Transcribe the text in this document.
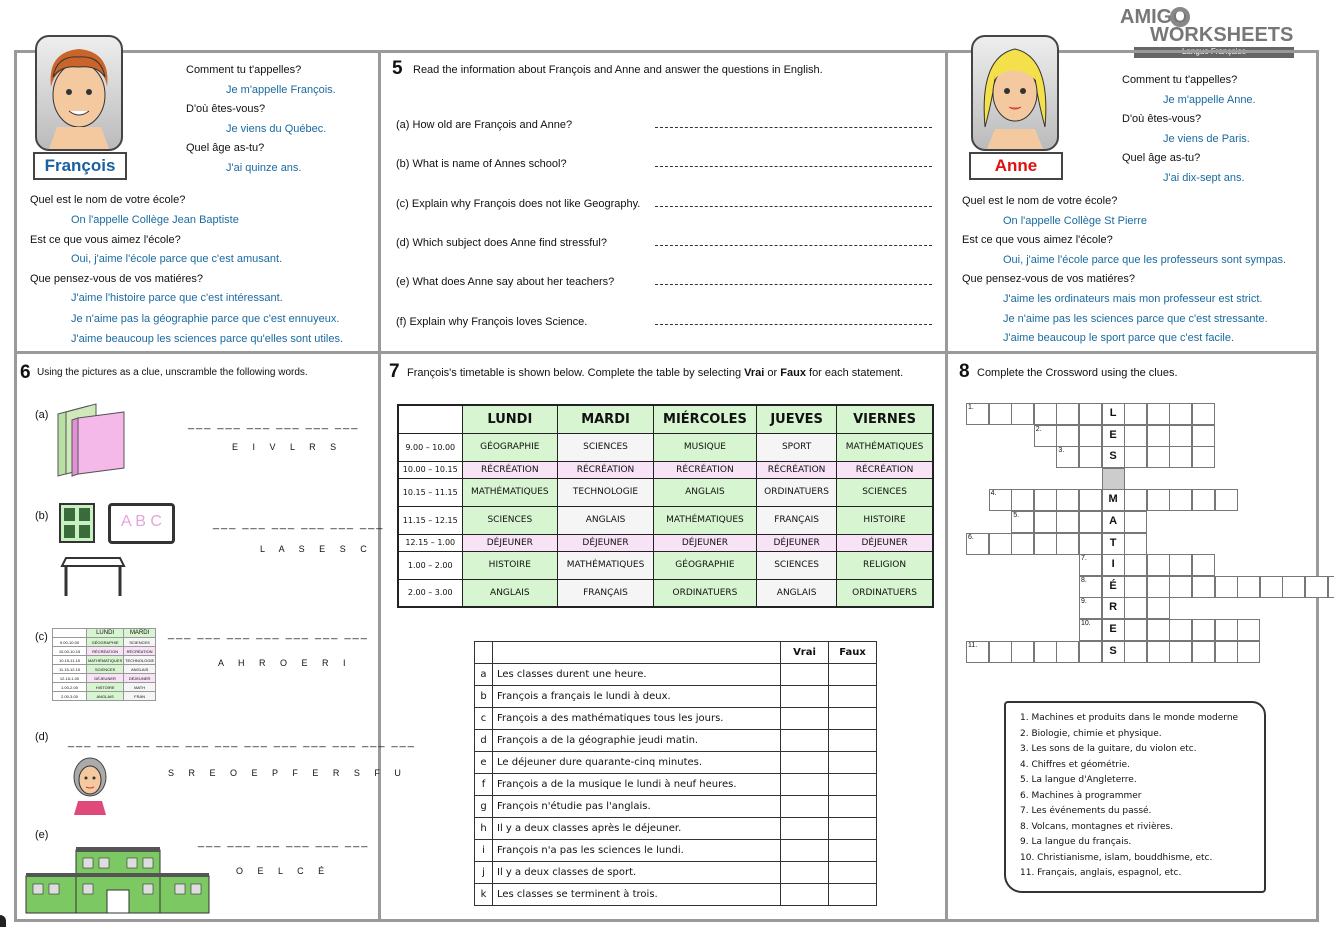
AMIGO
WORKSHEETS
Langue Française
François
Comment tu t'appelles?
Je m'appelle François.
D'où êtes-vous?
Je viens du Québec.
Quel âge as-tu?
J'ai quinze ans.
Quel est le nom de votre école?
On l'appelle Collège Jean Baptiste
Est ce que vous aimez l'école?
Oui, j'aime l'école parce que c'est amusant.
Que pensez-vous de vos matiéres?
J'aime l'histoire parce que c'est intéressant.
Je n'aime pas la géographie parce que c'est ennuyeux.
J'aime beaucoup les sciences parce qu'elles sont utiles.
5 Read the information about François and Anne and answer the questions in English.
(a) How old are François and Anne?
(b) What is name of Annes school?
(c) Explain why François does not like Geography.
(d) Which subject does Anne find stressful?
(e) What does Anne say about her teachers?
(f) Explain why François loves Science.
Anne
Comment tu t'appelles?
Je m'appelle Anne.
D'où êtes-vous?
Je viens de Paris.
Quel âge as-tu?
J'ai dix-sept ans.
Quel est le nom de votre école?
On l'appelle Collège St Pierre
Est ce que vous aimez l'école?
Oui, j'aime l'école parce que les professeurs sont sympas.
Que pensez-vous de vos matiéres?
J'aime les ordinateurs mais mon professeur est strict.
Je n'aime pas les sciences parce que c'est stressante.
J'aime beaucoup le sport parce que c'est facile.
6 Using the pictures as a clue, unscramble the following words.
(a)
___ ___ ___ ___ ___ ___
E I V L R S
(b)	A B C	___ ___ ___ ___ ___ ___
L A S E S C
(c)
		LUNDI	MARDI
9.00-10.00	GÉOGRAPHIE	SCIENCES
10.00-10.15	RÉCRÉATION	RÉCRÉATION
10.15-11.15	MATHÉMATIQUES	TECHNOLOGIE
11.15-12.15	SCIENCES	ANGLAIS
12.15-1.00	DÉJEUNER	DÉJEUNER
1.00-2.00	HISTOIRE	MATH
2.00-3.00	ANGLAIS	FRAN
___ ___ ___ ___ ___ ___ ___
A H R O E R I
(d) ___ ___ ___ ___ ___ ___ ___ ___ ___ ___ ___ ___
S R E O E P F E R S F U
(e)
___ ___ ___ ___ ___ ___
O E L C É
7 François's timetable is shown below. Complete the table by selecting Vrai or Faux for each statement.
	LUNDI	MARDI	MIÉRCOLES	JUEVES	VIERNES
9.00 – 10.00	GÉOGRAPHIE	SCIENCES	MUSIQUE	SPORT	MATHÉMATIQUES
10.00 – 10.15	RÉCRÉATION	RÉCRÉATION	RÉCRÉATION	RÉCRÉATION	RÉCRÉATION
10.15 – 11.15	MATHÉMATIQUES	TECHNOLOGIE	ANGLAIS	ORDINATUERS	SCIENCES
11.15 – 12.15	SCIENCES	ANGLAIS	MATHÉMATIQUES	FRANÇAIS	HISTOIRE
12.15 – 1.00	DÉJEUNER	DÉJEUNER	DÉJEUNER	DÉJEUNER	DÉJEUNER
1.00 – 2.00	HISTOIRE	MATHÉMATIQUES	GÉOGRAPHIE	SCIENCES	RELIGION
2.00 – 3.00	ANGLAIS	FRANÇAIS	ORDINATUERS	ANGLAIS	ORDINATUERS
		Vrai	Faux
a	Les classes durent une heure.		
b	François a français le lundi à deux.		
c	François a des mathématiques tous les jours.		
d	François a de la géographie jeudi matin.		
e	Le déjeuner dure quarante-cinq minutes.		
f	François a de la musique le lundi à neuf heures.		
g	François n'étudie pas l'anglais.		
h	Il y a deux classes après le déjeuner.		
i	François n'a pas les sciences le lundi.		
j	Il y a deux classes de sport.		
k	Les classes se terminent à trois.		
8 Complete the Crossword using the clues.
1.
2.
3.
4.
5.
6.
7.
8.
9.
10.
11.
L
E
S
M
A
T
I
É
R
E
S
1. Machines et produits dans le monde moderne
2. Biologie, chimie et physique.
3. Les sons de la guitare, du violon etc.
4. Chiffres et géométrie.
5. La langue d'Angleterre.
6. Machines à programmer
7. Les événements du passé.
8. Volcans, montagnes et rivières.
9. La langue du français.
10. Christianisme, islam, bouddhisme, etc.
11. Français, anglais, espagnol, etc.
